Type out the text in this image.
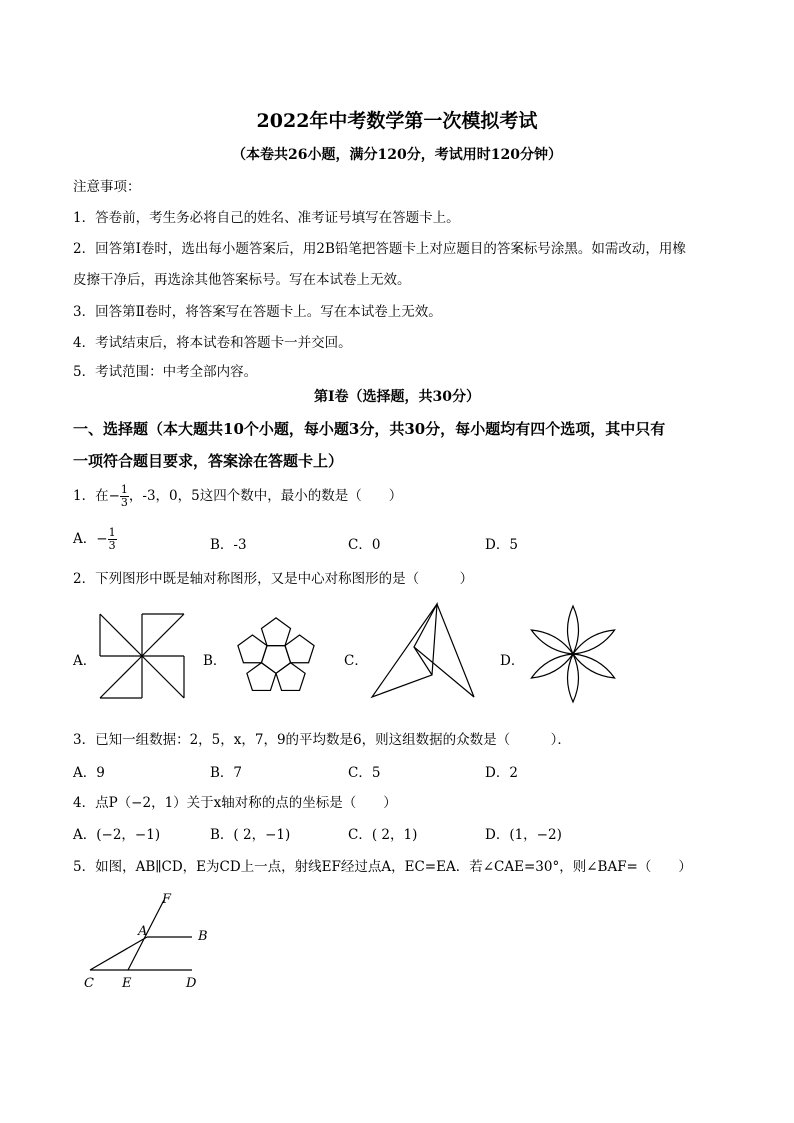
2022年中考数学第一次模拟考试
（本卷共26小题，满分120分，考试用时120分钟）
注意事项：
1．答卷前，考生务必将自己的姓名、准考证号填写在答题卡上。
2．回答第Ⅰ卷时，选出每小题答案后，用2B铅笔把答题卡上对应题目的答案标号涂黑。如需改动，用橡
皮擦干净后，再选涂其他答案标号。写在本试卷上无效。
3．回答第Ⅱ卷时，将答案写在答题卡上。写在本试卷上无效。
4．考试结束后，将本试卷和答题卡一并交回。
5．考试范围：中考全部内容。
第Ⅰ卷（选择题，共30分）
一、选择题（本大题共10个小题，每小题3分，共30分，每小题均有四个选项，其中只有
一项符合题目要求，答案涂在答题卡上）
1．在− $\frac{1}{3}$ ，-3，0，5这四个数中，最小的数是（　　）
A．− $\frac{1}{3}$	B．-3	C．0	D．5
2．下列图形中既是轴对称图形，又是中心对称图形的是（　　　）
A．	B．	C．	D．
3．已知一组数据：2，5，x，7，9的平均数是6，则这组数据的众数是（　　　）．
A．9	B．7	C．5	D．2
4．点P（−2，1）关于x轴对称的点的坐标是（　　）
A．(−2，−1)	B．( 2，−1)	C．( 2，1)	D．(1，−2)
5．如图，AB∥CD，E为CD上一点，射线EF经过点A，EC=EA．若∠CAE=30°，则∠BAF=（　　）
F
A	B
C E	D
